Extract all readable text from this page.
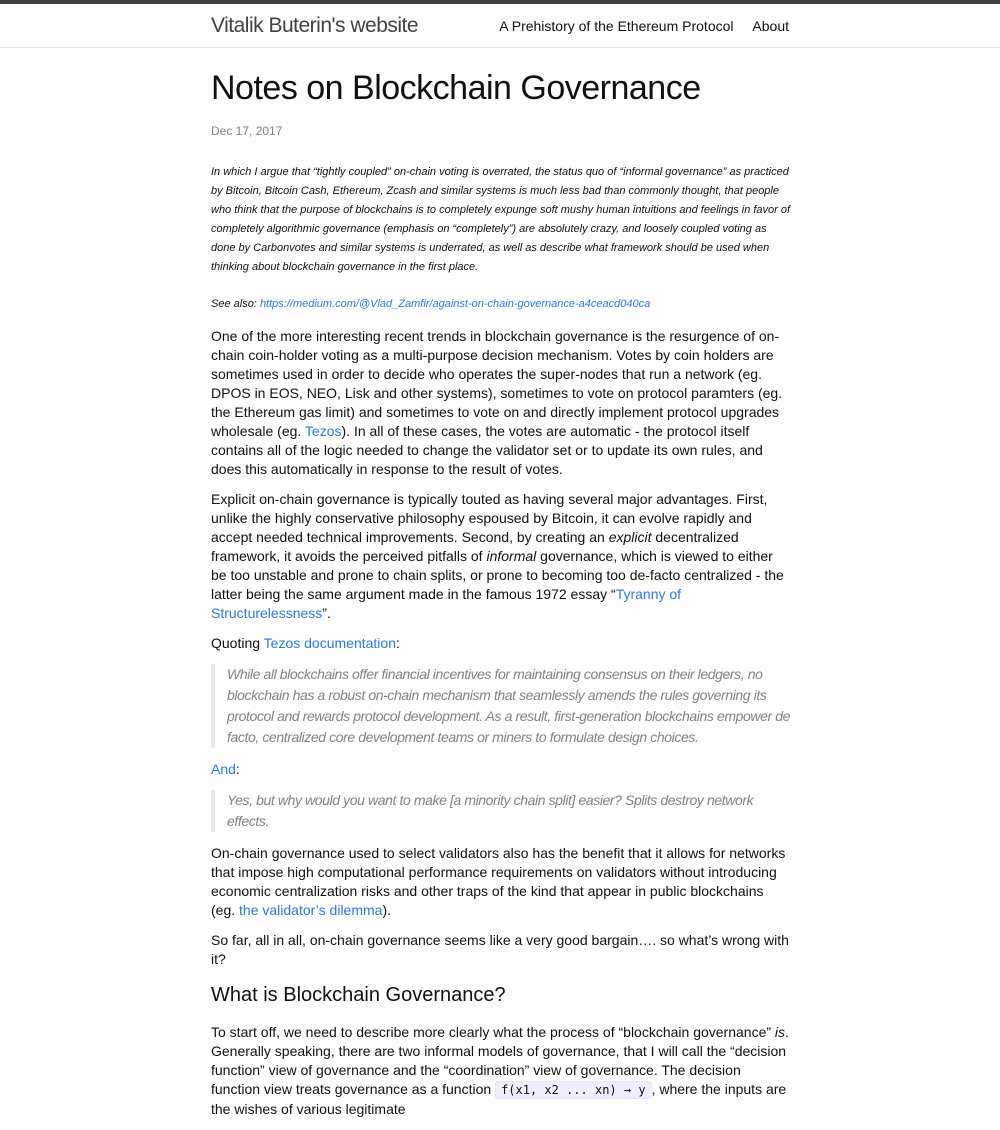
Vitalik Buterin's website	A Prehistory of the Ethereum Protocol About
Notes on Blockchain Governance
Dec 17, 2017
In which I argue that “tightly coupled” on-chain voting is overrated, the status quo of “informal governance” as practiced by Bitcoin, Bitcoin Cash, Ethereum, Zcash and similar systems is much less bad than commonly thought, that people who think that the purpose of blockchains is to completely expunge soft mushy human intuitions and feelings in favor of completely algorithmic governance (emphasis on “completely”) are absolutely crazy, and loosely coupled voting as done by Carbonvotes and similar systems is underrated, as well as describe what framework should be used when thinking about blockchain governance in the first place.
See also: https://medium.com/@Vlad_Zamfir/against-on-chain-governance-a4ceacd040ca

One of the more interesting recent trends in blockchain governance is the resurgence of on-chain coin-holder voting as a multi-purpose decision mechanism. Votes by coin holders are sometimes used in order to decide who operates the super-nodes that run a network (eg. DPOS in EOS, NEO, Lisk and other systems), sometimes to vote on protocol paramters (eg. the Ethereum gas limit) and sometimes to vote on and directly implement protocol upgrades wholesale (eg. Tezos). In all of these cases, the votes are automatic - the protocol itself contains all of the logic needed to change the validator set or to update its own rules, and does this automatically in response to the result of votes.

Explicit on-chain governance is typically touted as having several major advantages. First, unlike the highly conservative philosophy espoused by Bitcoin, it can evolve rapidly and accept needed technical improvements. Second, by creating an explicit decentralized framework, it avoids the perceived pitfalls of informal governance, which is viewed to either be too unstable and prone to chain splits, or prone to becoming too de-facto centralized - the latter being the same argument made in the famous 1972 essay “Tyranny of Structurelessness”.

Quoting Tezos documentation:

While all blockchains offer financial incentives for maintaining consensus on their ledgers, no blockchain has a robust on-chain mechanism that seamlessly amends the rules governing its protocol and rewards protocol development. As a result, first-generation blockchains empower de facto, centralized core development teams or miners to formulate design choices.

And:

Yes, but why would you want to make [a minority chain split] easier? Splits destroy network effects.

On-chain governance used to select validators also has the benefit that it allows for networks that impose high computational performance requirements on validators without introducing economic centralization risks and other traps of the kind that appear in public blockchains (eg. the validator’s dilemma).

So far, all in all, on-chain governance seems like a very good bargain…. so what’s wrong with it?

What is Blockchain Governance?

To start off, we need to describe more clearly what the process of “blockchain governance” is. Generally speaking, there are two informal models of governance, that I will call the “decision function” view of governance and the “coordination” view of governance. The decision function view treats governance as a function f(x1, x2 ... xn) → y , where the inputs are the wishes of various legitimate
